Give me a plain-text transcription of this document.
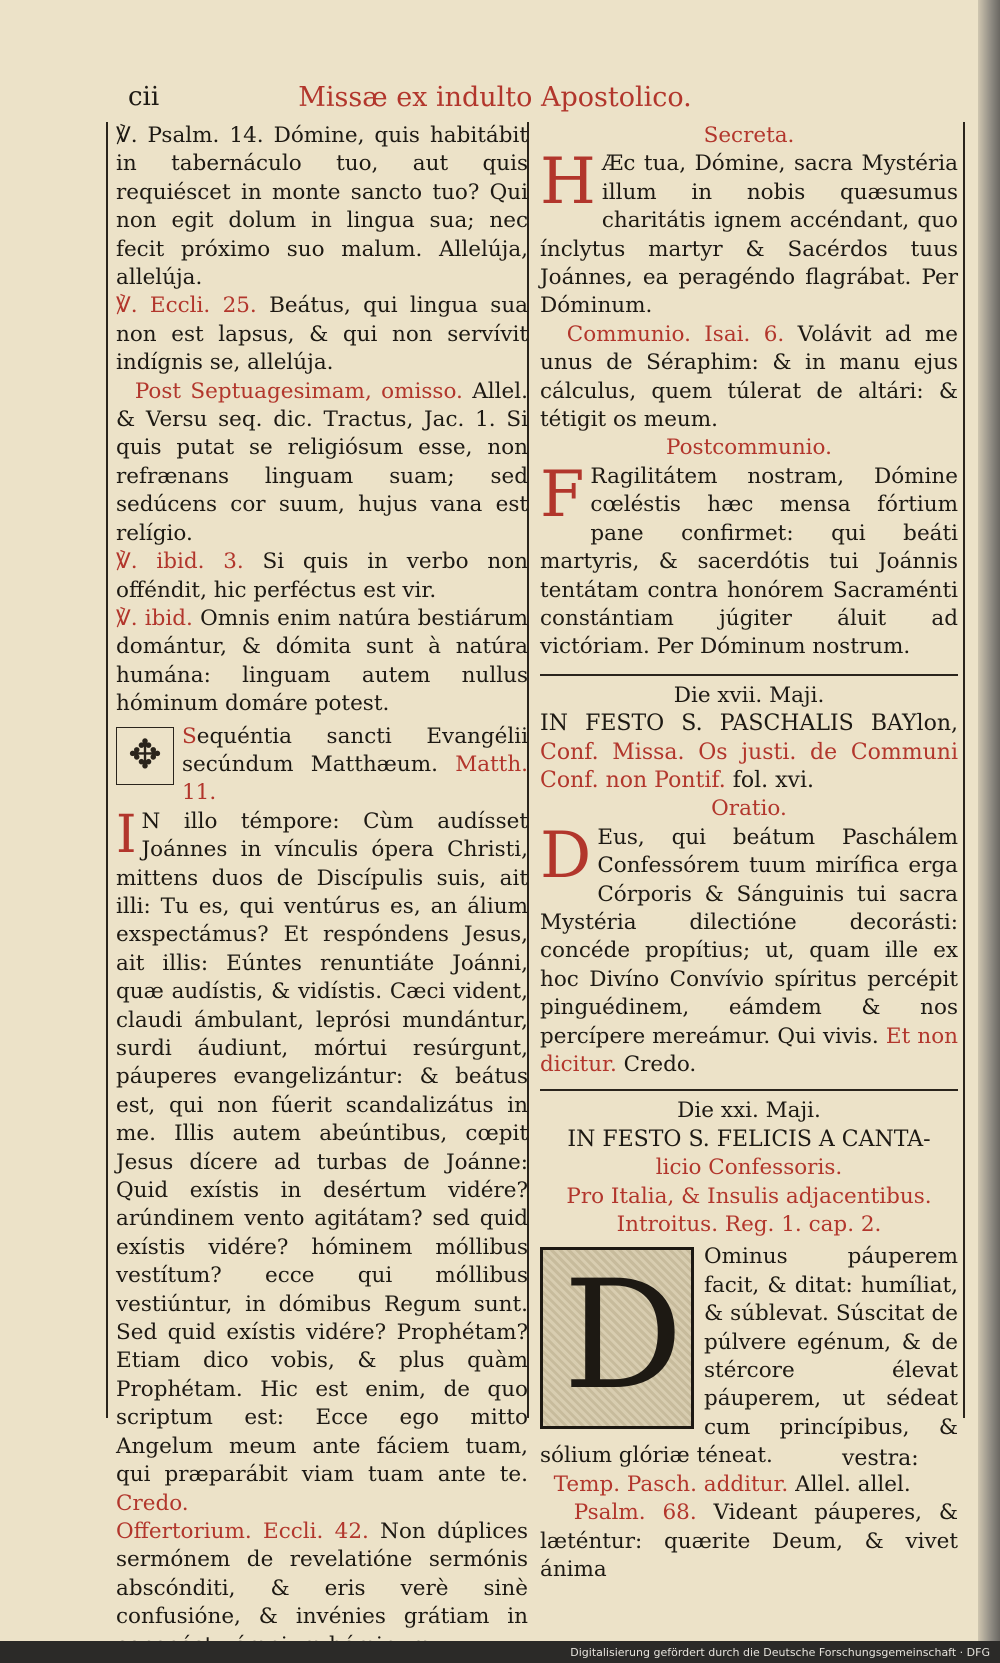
cii	Missæ ex indulto Apostolico.

℣. Psalm. 14. Dómine, quis habitábit in tabernáculo tuo, aut quis requiéscet in monte sancto tuo? Qui non egit dolum in lingua sua; nec fecit próximo suo malum. Allelúja, allelúja.

℣. Eccli. 25. Beátus, qui lingua sua non est lapsus, & qui non servívit indígnis se, allelúja.

Post Septuagesimam, omisso. Allel. & Versu seq. dic. Tractus, Jac. 1. Si quis putat se religiósum esse, non refrænans linguam suam; sed sedúcens cor suum, hujus vana est relígio.

℣. ibid. 3. Si quis in verbo non offéndit, hic perféctus est vir.

℣. ibid. Omnis enim natúra bestiárum domántur, & dómita sunt à natúra humána: linguam autem nullus hóminum domáre potest.

✥ Sequéntia sancti Evangélii secúndum Matthæum. Matth. 11.

I N illo témpore: Cùm audísset Joánnes in vínculis ópera Christi, mittens duos de Discípulis suis, ait illi: Tu es, qui ventúrus es, an álium exspectámus? Et respóndens Jesus, ait illis: Eúntes renuntiáte Joánni, quæ audístis, & vidístis. Cæci vident, claudi ámbulant, leprósi mundántur, surdi áudiunt, mórtui resúrgunt, páuperes evangelizántur: & beátus est, qui non fúerit scandalizátus in me. Illis autem abeúntibus, cœpit Jesus dícere ad turbas de Joánne: Quid exístis in desértum vidére? arúndinem vento agitátam? sed quid exístis vidére? hóminem móllibus vestítum? ecce qui móllibus vestiúntur, in dómibus Regum sunt. Sed quid exístis vidére? Prophétam? Etiam dico vobis, & plus quàm Prophétam. Hic est enim, de quo scriptum est: Ecce ego mitto Angelum meum ante fáciem tuam, qui præparábit viam tuam ante te. Credo.

Offertorium. Eccli. 42. Non dúplices sermónem de revelatióne sermónis abscónditi, & eris verè sinè confusióne, & invénies grátiam in

Secreta.

H Æc tua, Dómine, sacra Mystéria illum in nobis quæsumus charitátis ignem accéndant, quo ínclytus martyr & Sacérdos tuus Joánnes, ea peragéndo flagrábat. Per Dóminum.

Communio. Isai. 6. Volávit ad me unus de Séraphim: & in manu ejus cálculus, quem túlerat de altári: & tétigit os meum.

Postcommunio.

F Ragilitátem nostram, Dómine cœléstis hæc mensa fórtium pane confirmet: qui beáti martyris, & sacerdótis tui Joánnis tentátam contra honórem Sacraménti constántiam júgiter áluit ad victóriam. Per Dóminum nostrum.

Die xvii. Maji.

IN FESTO S. PASCHALIS BAYlon, Conf. Missa. Os justi. de Communi Conf. non Pontif. fol. xvi.

Oratio.

D Eus, qui beátum Paschálem Confessórem tuum mirífica erga Córporis & Sánguinis tui sacra Mystéria dilectióne decorásti: concéde propítius; ut, quam ille ex hoc Divíno Convívio spíritus percépit pinguédinem, eámdem & nos percípere mereámur. Qui vivis. Et non dicitur. Credo.

Die xxi. Maji.

IN FESTO S. FELICIS A CANTA-

licio Confessoris.

Pro Italia, & Insulis adjacentibus.

Introitus. Reg. 1. cap. 2.

D Ominus páuperem facit, & ditat: humíliat, & súblevat. Súscitat de púlvere egénum, & de stércore élevat páuperem, ut sédeat cum princípibus, & sólium glóriæ téneat.

Temp. Pasch. additur. Allel. allel.

Psalm. 68. Videant páuperes, & læténtur: quærite Deum, & vivet ánima

vestra:
Digitalisierung gefördert durch die Deutsche Forschungsgemeinschaft · DFG
